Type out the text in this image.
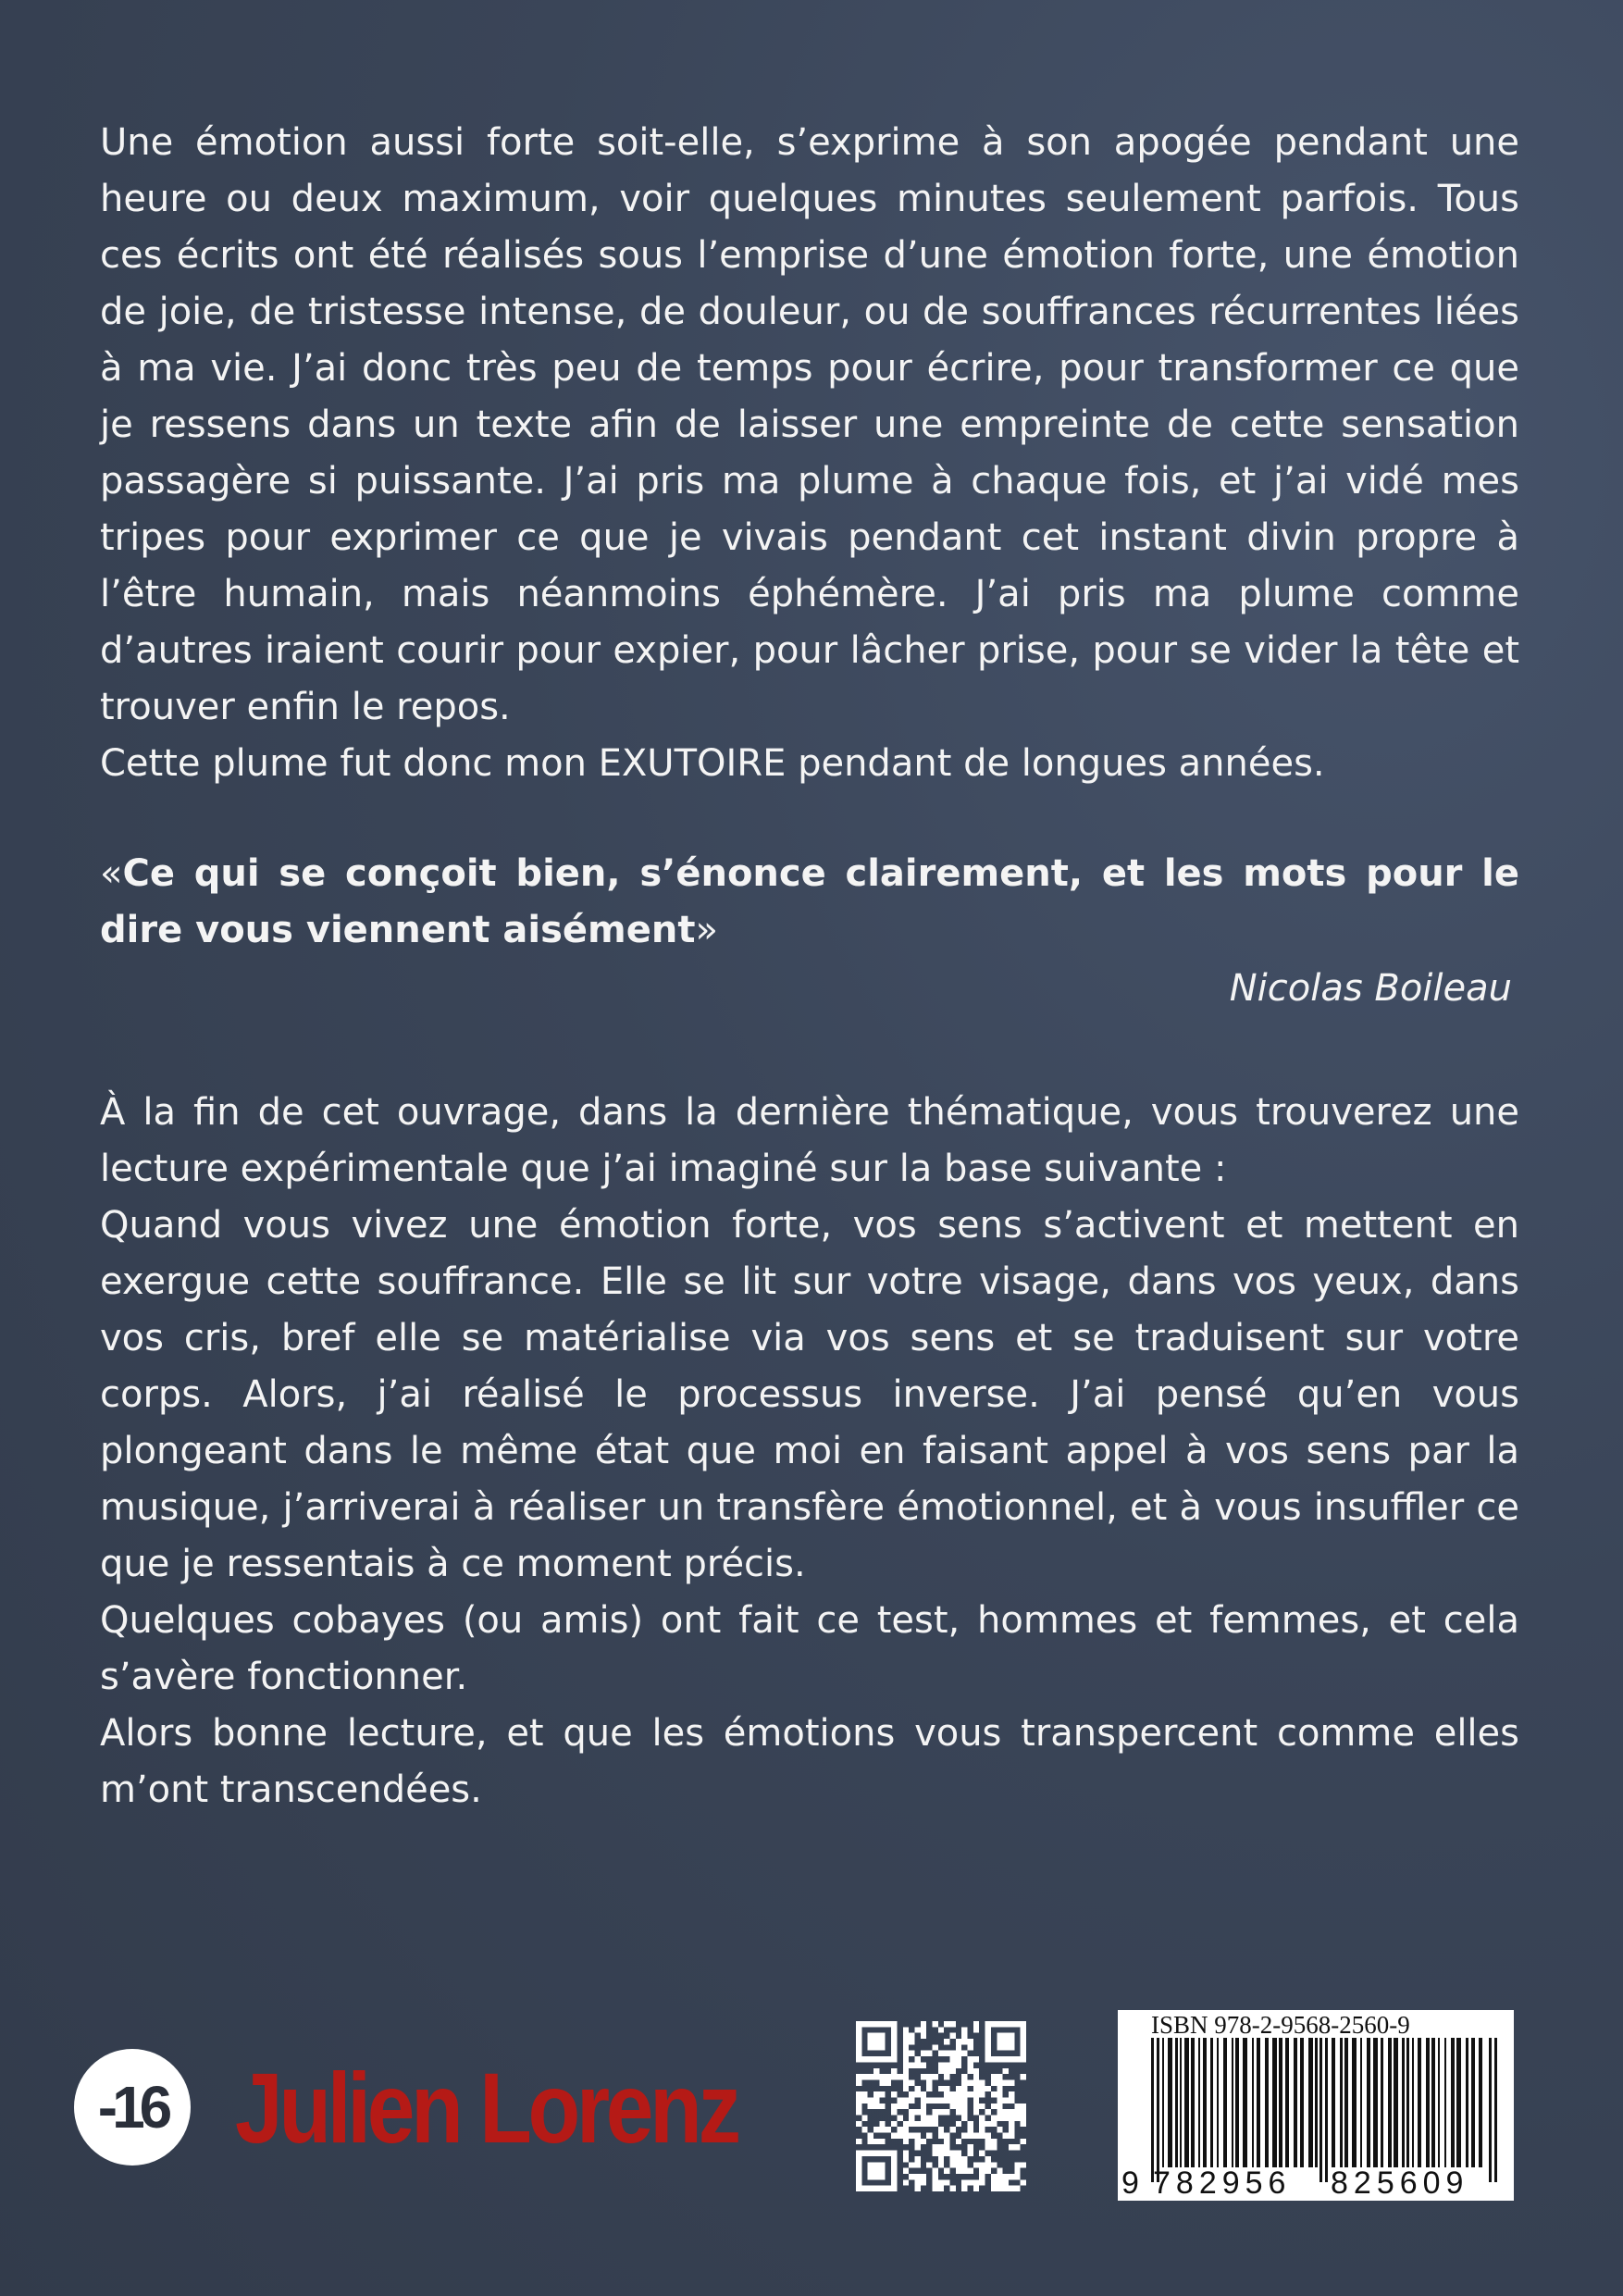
Une émotion aussi forte soit-elle, s’exprime à son apogée pendant une heure ou deux maximum, voir quelques minutes seulement parfois. Tous ces écrits ont été réalisés sous l’emprise d’une émotion forte, une émotion de joie, de tristesse intense, de douleur, ou de souffrances récurrentes liées à ma vie. J’ai donc très peu de temps pour écrire, pour transformer ce que je ressens dans un texte afin de laisser une empreinte de cette sensation passagère si puissante. J’ai pris ma plume à chaque fois, et j’ai vidé mes tripes pour exprimer ce que je vivais pendant cet instant divin propre à l’être humain, mais néanmoins éphémère. J’ai pris ma plume comme d’autres iraient courir pour expier, pour lâcher prise, pour se vider la tête et trouver enfin le repos.

Cette plume fut donc mon EXUTOIRE pendant de longues années.

«Ce qui se conçoit bien, s’énonce clairement, et les mots pour le dire vous viennent aisément»

Nicolas Boileau

À la fin de cet ouvrage, dans la dernière thématique, vous trouverez une lecture expérimentale que j’ai imaginé sur la base suivante :

Quand vous vivez une émotion forte, vos sens s’activent et mettent en exergue cette souffrance. Elle se lit sur votre visage, dans vos yeux, dans vos cris, bref elle se matérialise via vos sens et se traduisent sur votre corps. Alors, j’ai réalisé le processus inverse. J’ai pensé qu’en vous plongeant dans le même état que moi en faisant appel à vos sens par la musique, j’arriverai à réaliser un transfère émotionnel, et à vous insuffler ce que je ressentais à ce moment précis.

Quelques cobayes (ou amis) ont fait ce test, hommes et femmes, et cela s’avère fonctionner.

Alors bonne lecture, et que les émotions vous transpercent comme elles m’ont transcendées.

-16 Julien Lorenz
ISBN 978-2-9568-2560-9
9 782956 825609
